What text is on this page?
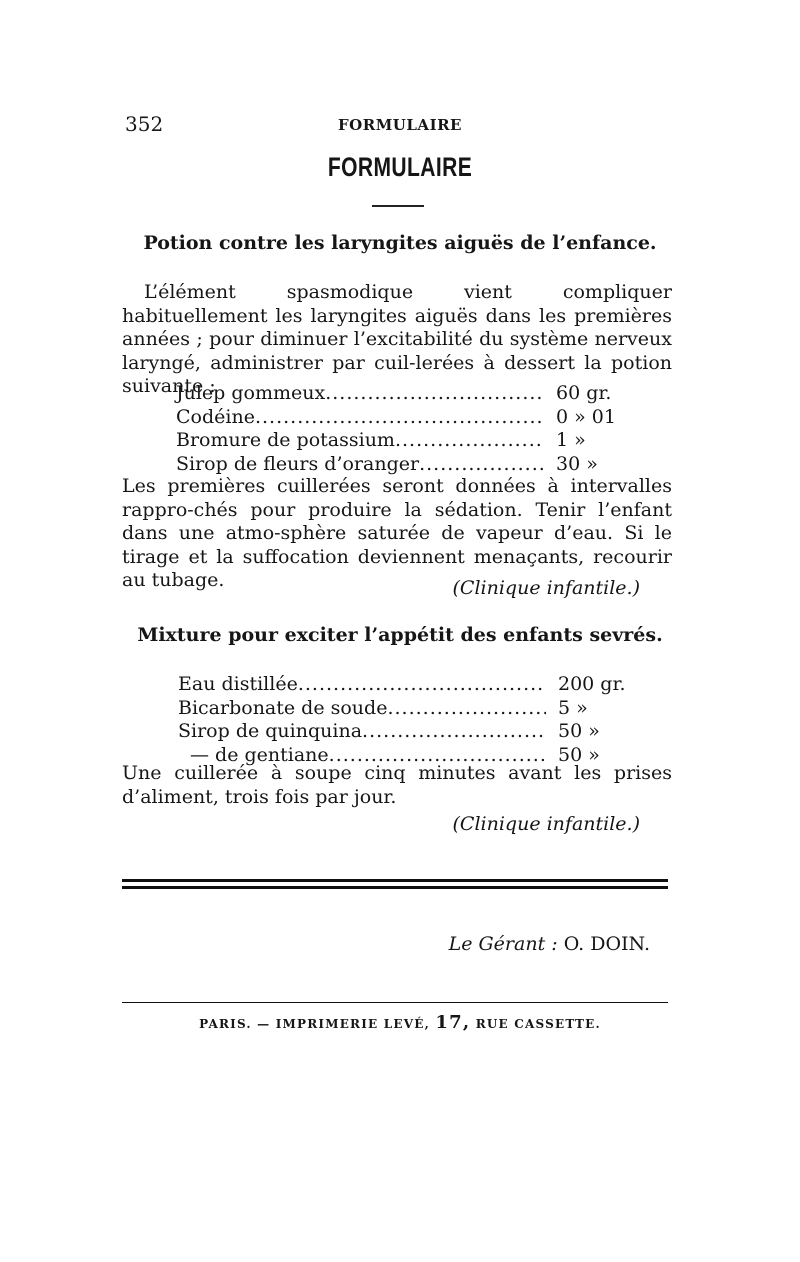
352	FORMULAIRE
FORMULAIRE
Potion contre les laryngites aiguës de l’enfance.

L’élément spasmodique vient compliquer habituellement les laryngites aiguës dans les premières années ; pour diminuer l’excitabilité du système nerveux laryngé, administrer par cuil-lerées à dessert la potion suivante :

Julep gommeux .....	60 gr.
Codéine .....	0 » 01
Bromure de potassium .....	1 »
Sirop de fleurs d’oranger .....	30 »

Les premières cuillerées seront données à intervalles rappro-chés pour produire la sédation. Tenir l’enfant dans une atmo-sphère saturée de vapeur d’eau. Si le tirage et la suffocation deviennent menaçants, recourir au tubage.	(Clinique infantile.)
Mixture pour exciter l’appétit des enfants sevrés.
Eau distillée .....	200 gr.
Bicarbonate de soude .....	5 »
Sirop de quinquina .....	50 »
— de gentiane .....	50 »

Une cuillerée à soupe cinq minutes avant les prises d’aliment, trois fois par jour.

(Clinique infantile.)
Le Gérant : O. DOIN.
PARIS. — IMPRIMERIE LEVÉ, 17, RUE CASSETTE.
